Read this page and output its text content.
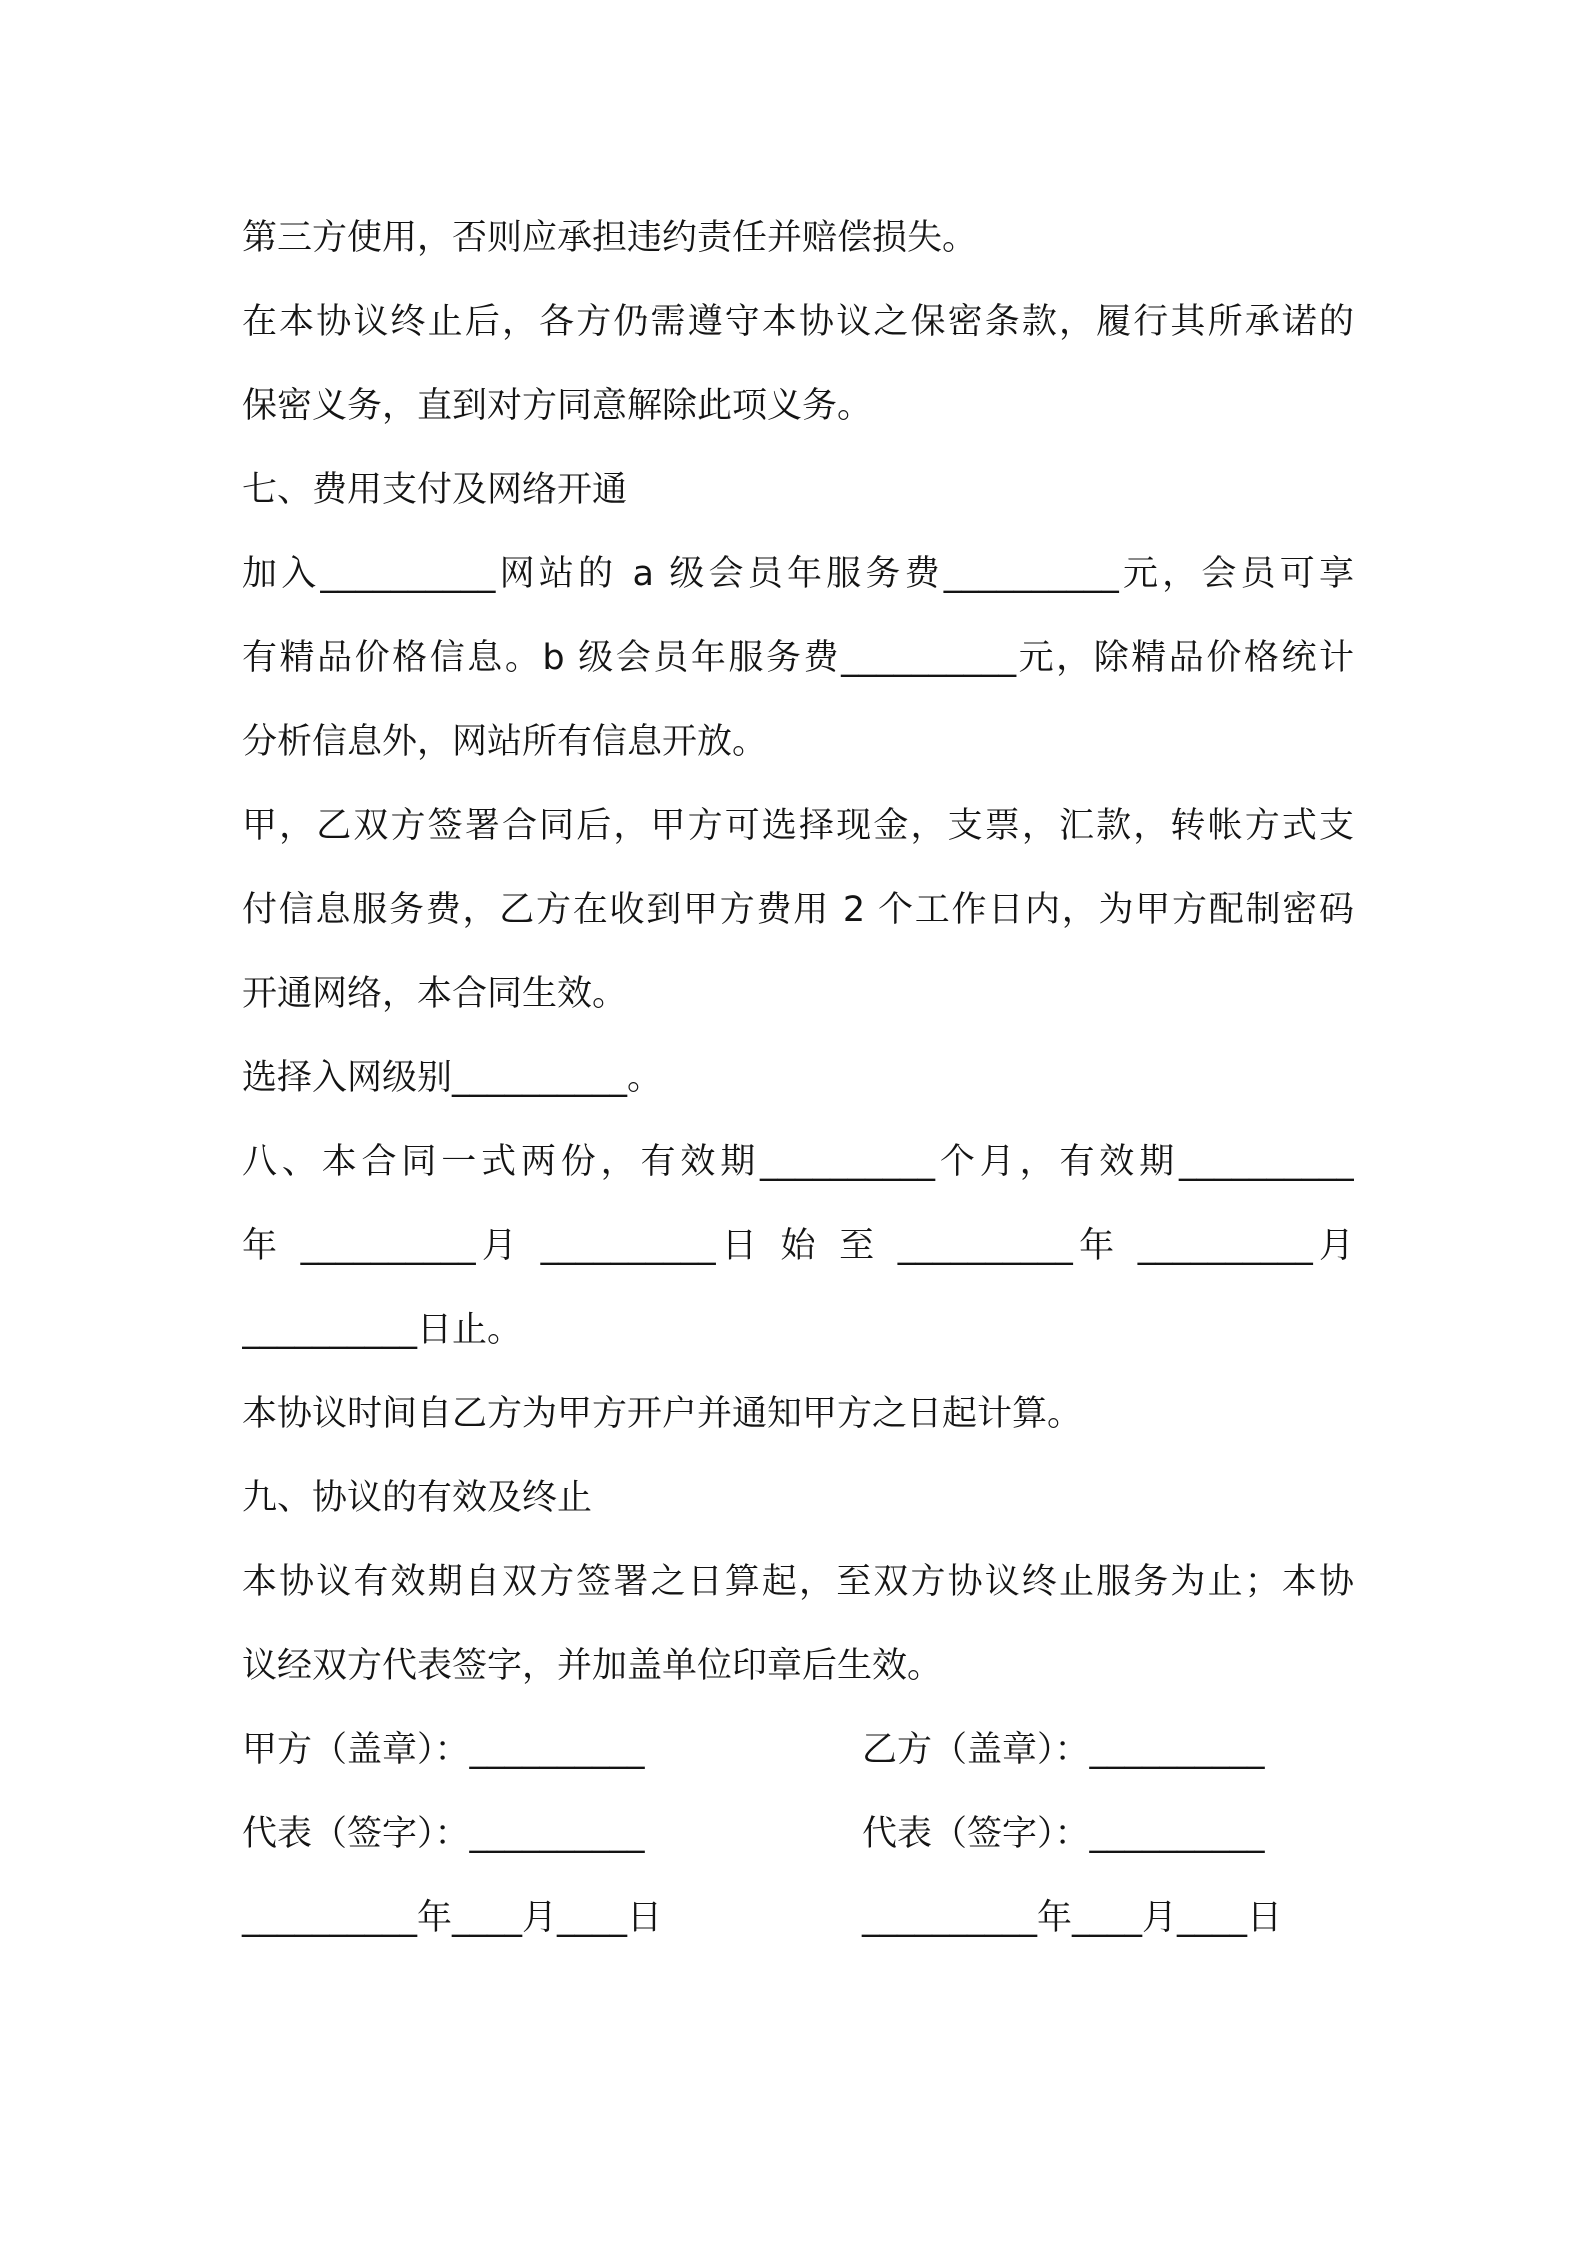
第三方使用，否则应承担违约责任并赔偿损失。
在本协议终止后，各方仍需遵守本协议之保密条款，履行其所承诺的
保密义务，直到对方同意解除此项义务。
七、费用支付及网络开通
加入__________网站的 a 级会员年服务费__________元，会员可享
有精品价格信息。b 级会员年服务费__________元，除精品价格统计
分析信息外，网站所有信息开放。
甲，乙双方签署合同后，甲方可选择现金，支票，汇款，转帐方式支
付信息服务费，乙方在收到甲方费用 2 个工作日内，为甲方配制密码
开通网络，本合同生效。
选择入网级别__________。
八、本合同一式两份，有效期__________个月，有效期__________
年 __________月 __________日 始 至 __________年 __________月
__________日止。
本协议时间自乙方为甲方开户并通知甲方之日起计算。
九、协议的有效及终止
本协议有效期自双方签署之日算起，至双方协议终止服务为止；本协
议经双方代表签字，并加盖单位印章后生效。
甲方（盖章）：__________	乙方（盖章）：__________
代表（签字）：__________	代表（签字）：__________
__________年____月____日	__________年____月____日
